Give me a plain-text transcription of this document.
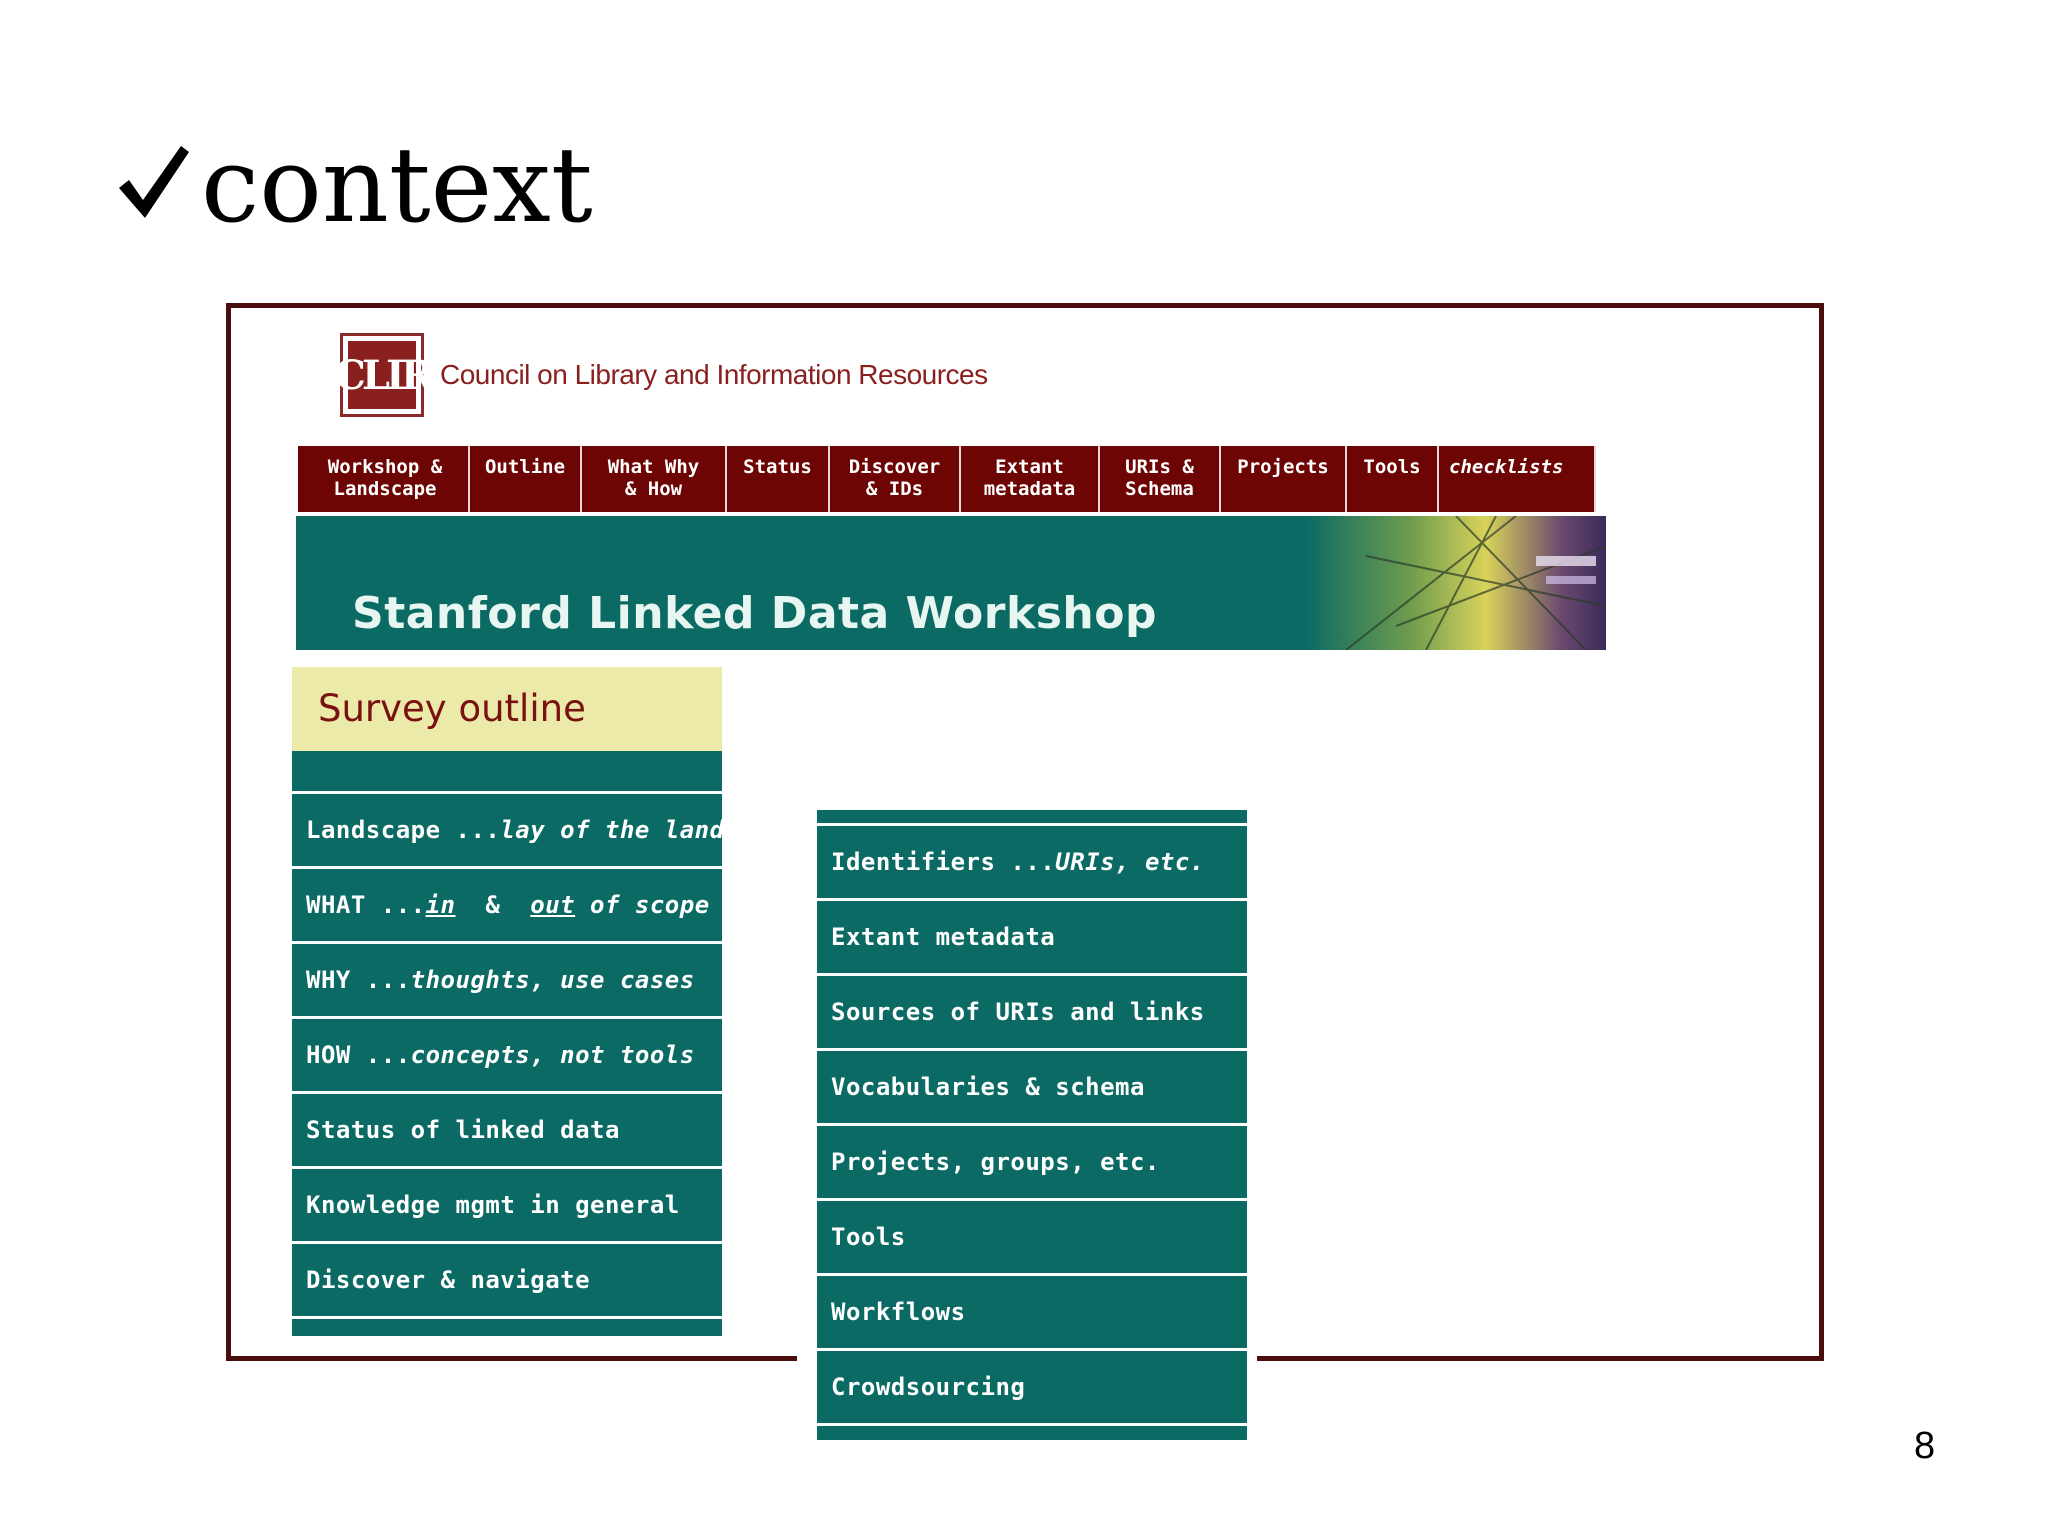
context
CLIR Council on Library and Information Resources
Workshop &
Landscape
Outline	What Why
& How
Status	Discover
& IDs
Extant
metadata
URIs &
Schema
Projects	Tools	checklists
Stanford Linked Data Workshop
Survey outline
Landscape ... lay of the land
WHAT ... in & out of scope
WHY ... thoughts, use cases
HOW ... concepts, not tools
Status of linked data
Knowledge mgmt in general
Discover & navigate
Identifiers ... URIs, etc.
Extant metadata
Sources of URIs and links
Vocabularies & schema
Projects, groups, etc.
Tools
Workflows
Crowdsourcing
8
